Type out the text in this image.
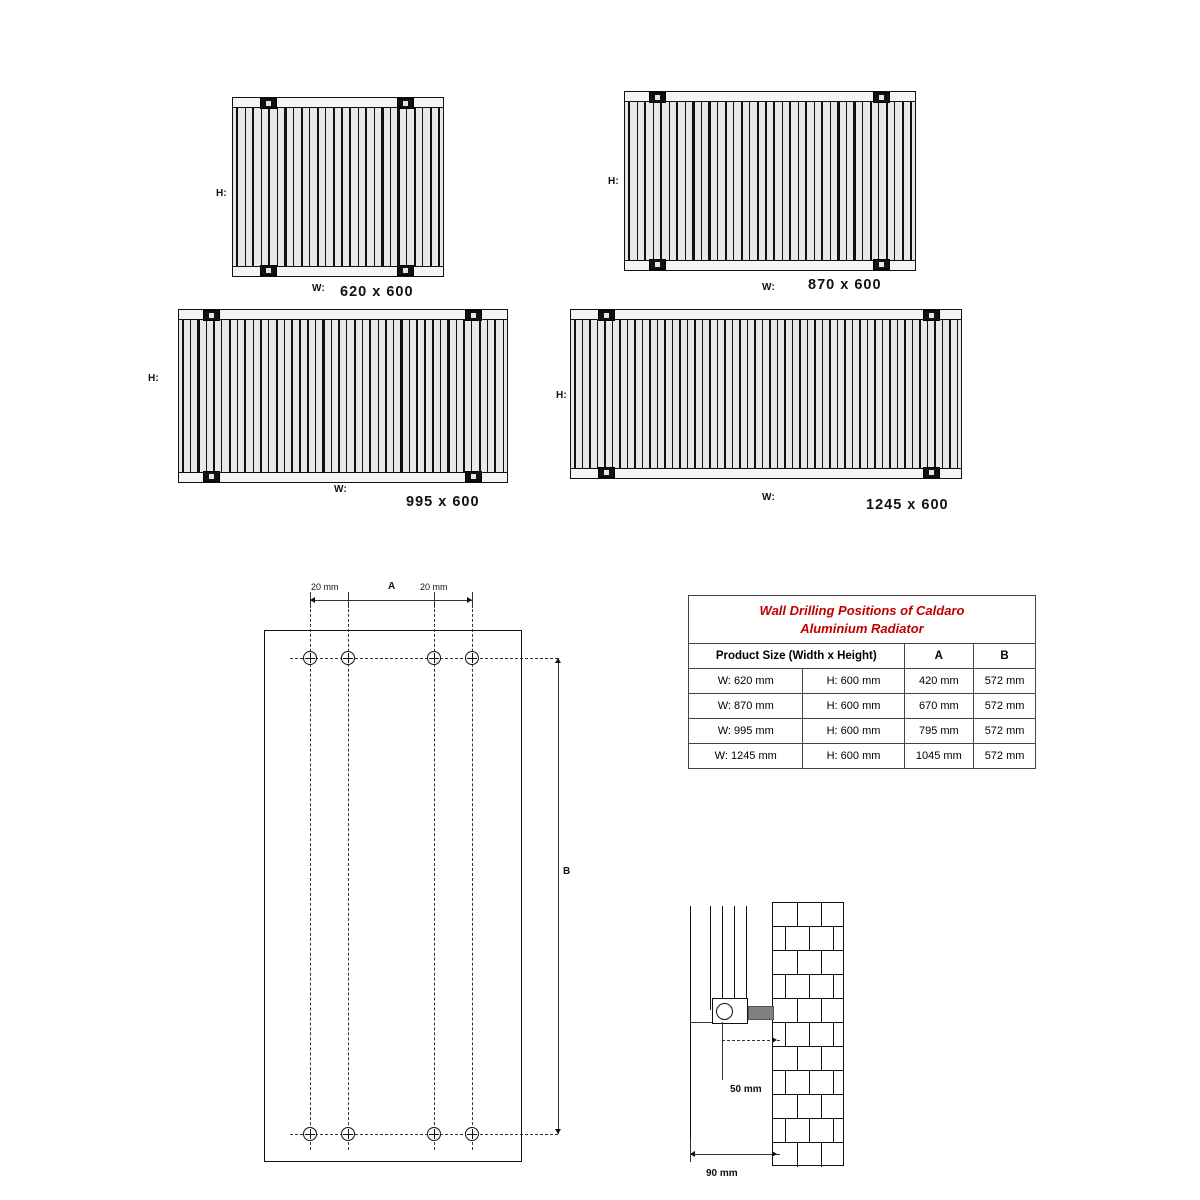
H:
W: 620 x 600
H:
W: 870 x 600
H:
W:
995 x 600
H:
W:	1245 x 600
20 mm	A	20 mm
B
Wall Drilling Positions of Caldaro
Aluminium Radiator			
Product Size (Width x Height)		A	B
W: 620 mm	H: 600 mm	420 mm	572 mm
W: 870 mm	H: 600 mm	670 mm	572 mm
W: 995 mm	H: 600 mm	795 mm	572 mm
W: 1245 mm	H: 600 mm	1045 mm	572 mm
50 mm
90 mm
